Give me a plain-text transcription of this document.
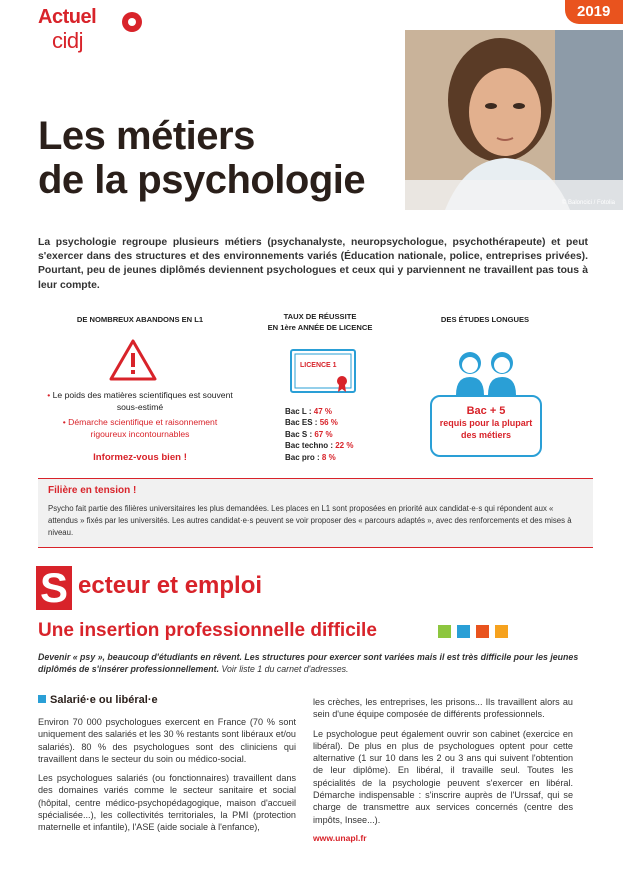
Actuel
cidj
2019
© Baloncici / Fotolia
Les métiers
de la psychologie

La psychologie regroupe plusieurs métiers (psychanalyste, neuropsychologue, psychothérapeute) et peut s'exercer dans des structures et des environnements variés (Éducation nationale, police, entreprises privées). Pourtant, peu de jeunes diplômés deviennent psychologues et ceux qui y parviennent ne travaillent pas tous à leur compte.

DE NOMBREUX ABANDONS EN L1
• Le poids des matières scientifiques est souvent sous-estimé
• Démarche scientifique et raisonnement rigoureux incontournables
Informez-vous bien !
TAUX DE RÉUSSITE
EN 1ère ANNÉE DE LICENCE
LICENCE 1
Bac L : 47 %
Bac ES : 56 %
Bac S : 67 %
Bac techno : 22 %
Bac pro : 8 %
DES ÉTUDES LONGUES
Bac + 5
requis pour la plupart
des métiers
Filière en tension !
Psycho fait partie des filières universitaires les plus demandées. Les places en L1 sont proposées en priorité aux candidat·e·s qui répondent aux « attendus » fixés par les universités. Les autres candidat·e·s peuvent se voir proposer des « parcours adaptés », avec des renforcements et des mises à niveau.
S ecteur et emploi
Une insertion professionnelle difficile

Devenir « psy », beaucoup d'étudiants en rêvent. Les structures pour exercer sont variées mais il est très difficile pour les jeunes diplômés de s'insérer professionnellement. Voir liste 1 du carnet d'adresses.

Salarié·e ou libéral·e

Environ 70 000 psychologues exercent en France (70 % sont uniquement des salariés et les 30 % restants sont libéraux et/ou salariés). 80 % des psychologues sont des cliniciens qui travaillent dans le secteur du soin ou médico-social.

Les psychologues salariés (ou fonctionnaires) travaillent dans des domaines variés comme le secteur sanitaire et social (hôpital, centre médico-psychopédagogique, maison d'accueil spécialisée...), les collectivités territoriales, la PMI (protection maternelle et infantile), l'ASE (aide sociale à l'enfance),

les crèches, les entreprises, les prisons... Ils travaillent alors au sein d'une équipe composée de différents professionnels.

Le psychologue peut également ouvrir son cabinet (exercice en libéral). De plus en plus de psychologues optent pour cette alternative (1 sur 10 dans les 2 ou 3 ans qui suivent l'obtention de leur diplôme). En libéral, il travaille seul. Toutes les spécialités de la psychologie peuvent s'exercer en libéral. Démarche indispensable : s'inscrire auprès de l'Urssaf, qui se charge de transmettre aux services concernés (centre des impôts, Insee...).

www.unapl.fr
